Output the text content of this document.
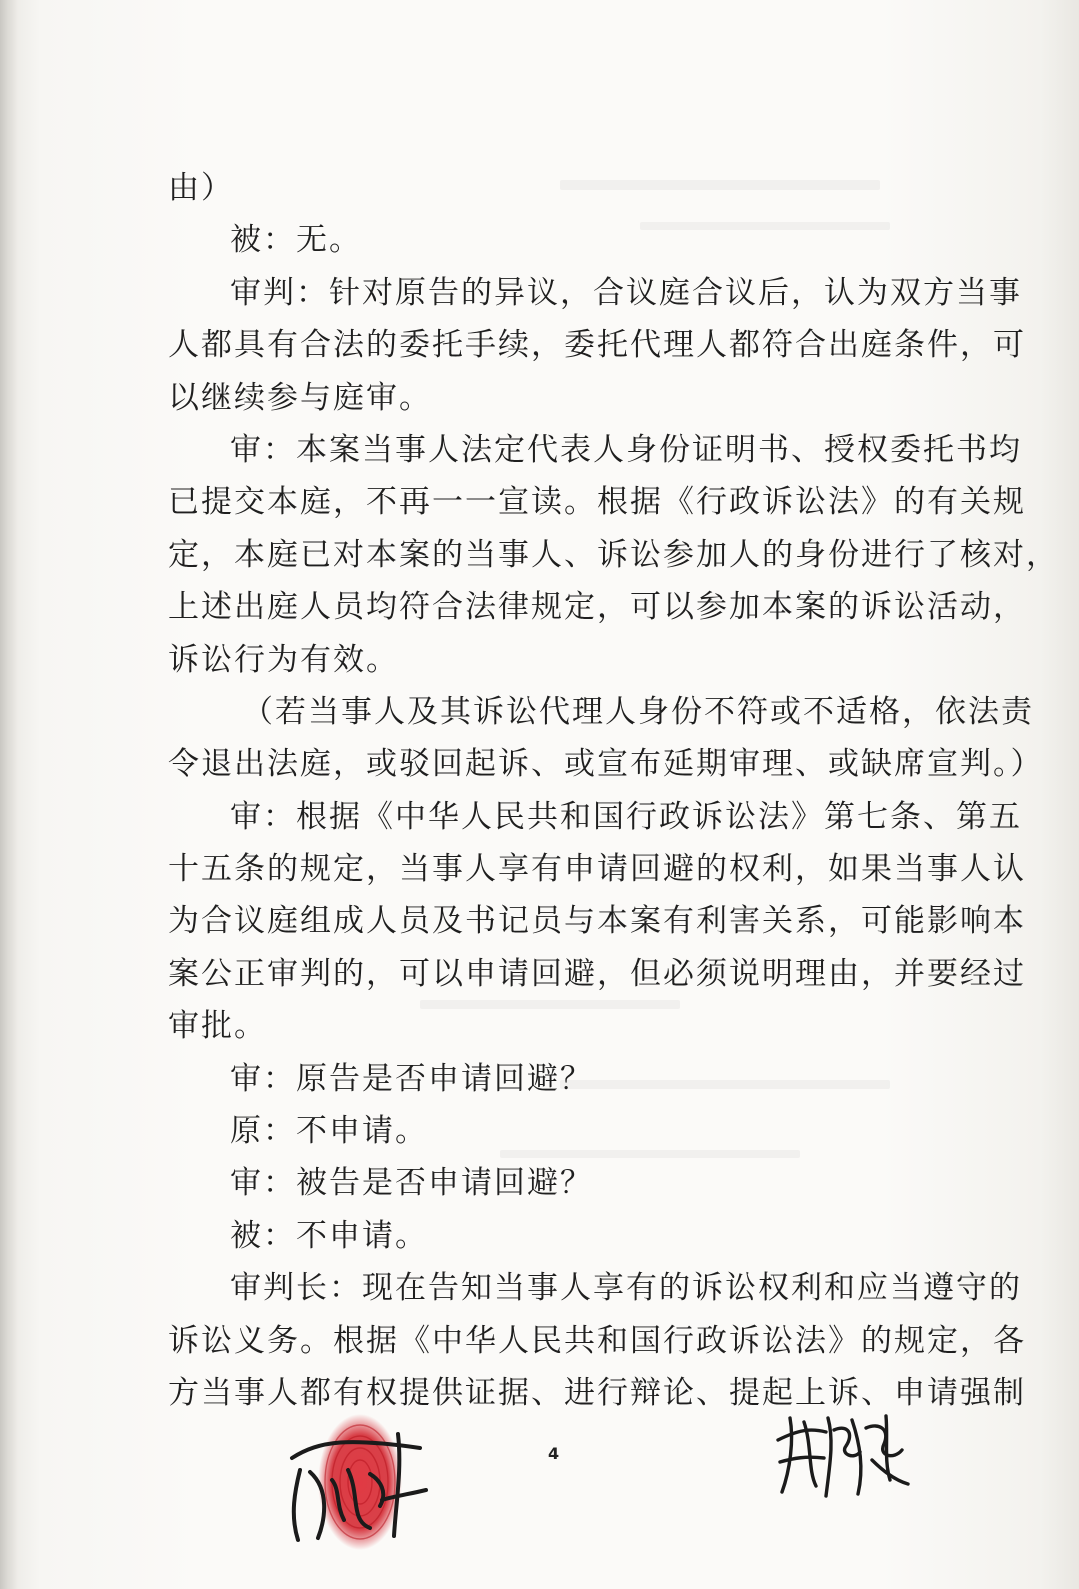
由）
被：无。
审判：针对原告的异议，合议庭合议后，认为双方当事
人都具有合法的委托手续，委托代理人都符合出庭条件，可
以继续参与庭审。
审：本案当事人法定代表人身份证明书、授权委托书均
已提交本庭，不再一一宣读。根据《行政诉讼法》的有关规
定，本庭已对本案的当事人、诉讼参加人的身份进行了核对，
上述出庭人员均符合法律规定，可以参加本案的诉讼活动，
诉讼行为有效。
（若当事人及其诉讼代理人身份不符或不适格，依法责
令退出法庭，或驳回起诉、或宣布延期审理、或缺席宣判。）
审：根据《中华人民共和国行政诉讼法》第七条、第五
十五条的规定，当事人享有申请回避的权利，如果当事人认
为合议庭组成人员及书记员与本案有利害关系，可能影响本
案公正审判的，可以申请回避，但必须说明理由，并要经过
审批。
审：原告是否申请回避？
原：不申请。
审：被告是否申请回避？
被：不申请。
审判长：现在告知当事人享有的诉讼权利和应当遵守的
诉讼义务。根据《中华人民共和国行政诉讼法》的规定，各
方当事人都有权提供证据、进行辩论、提起上诉、申请强制
4
